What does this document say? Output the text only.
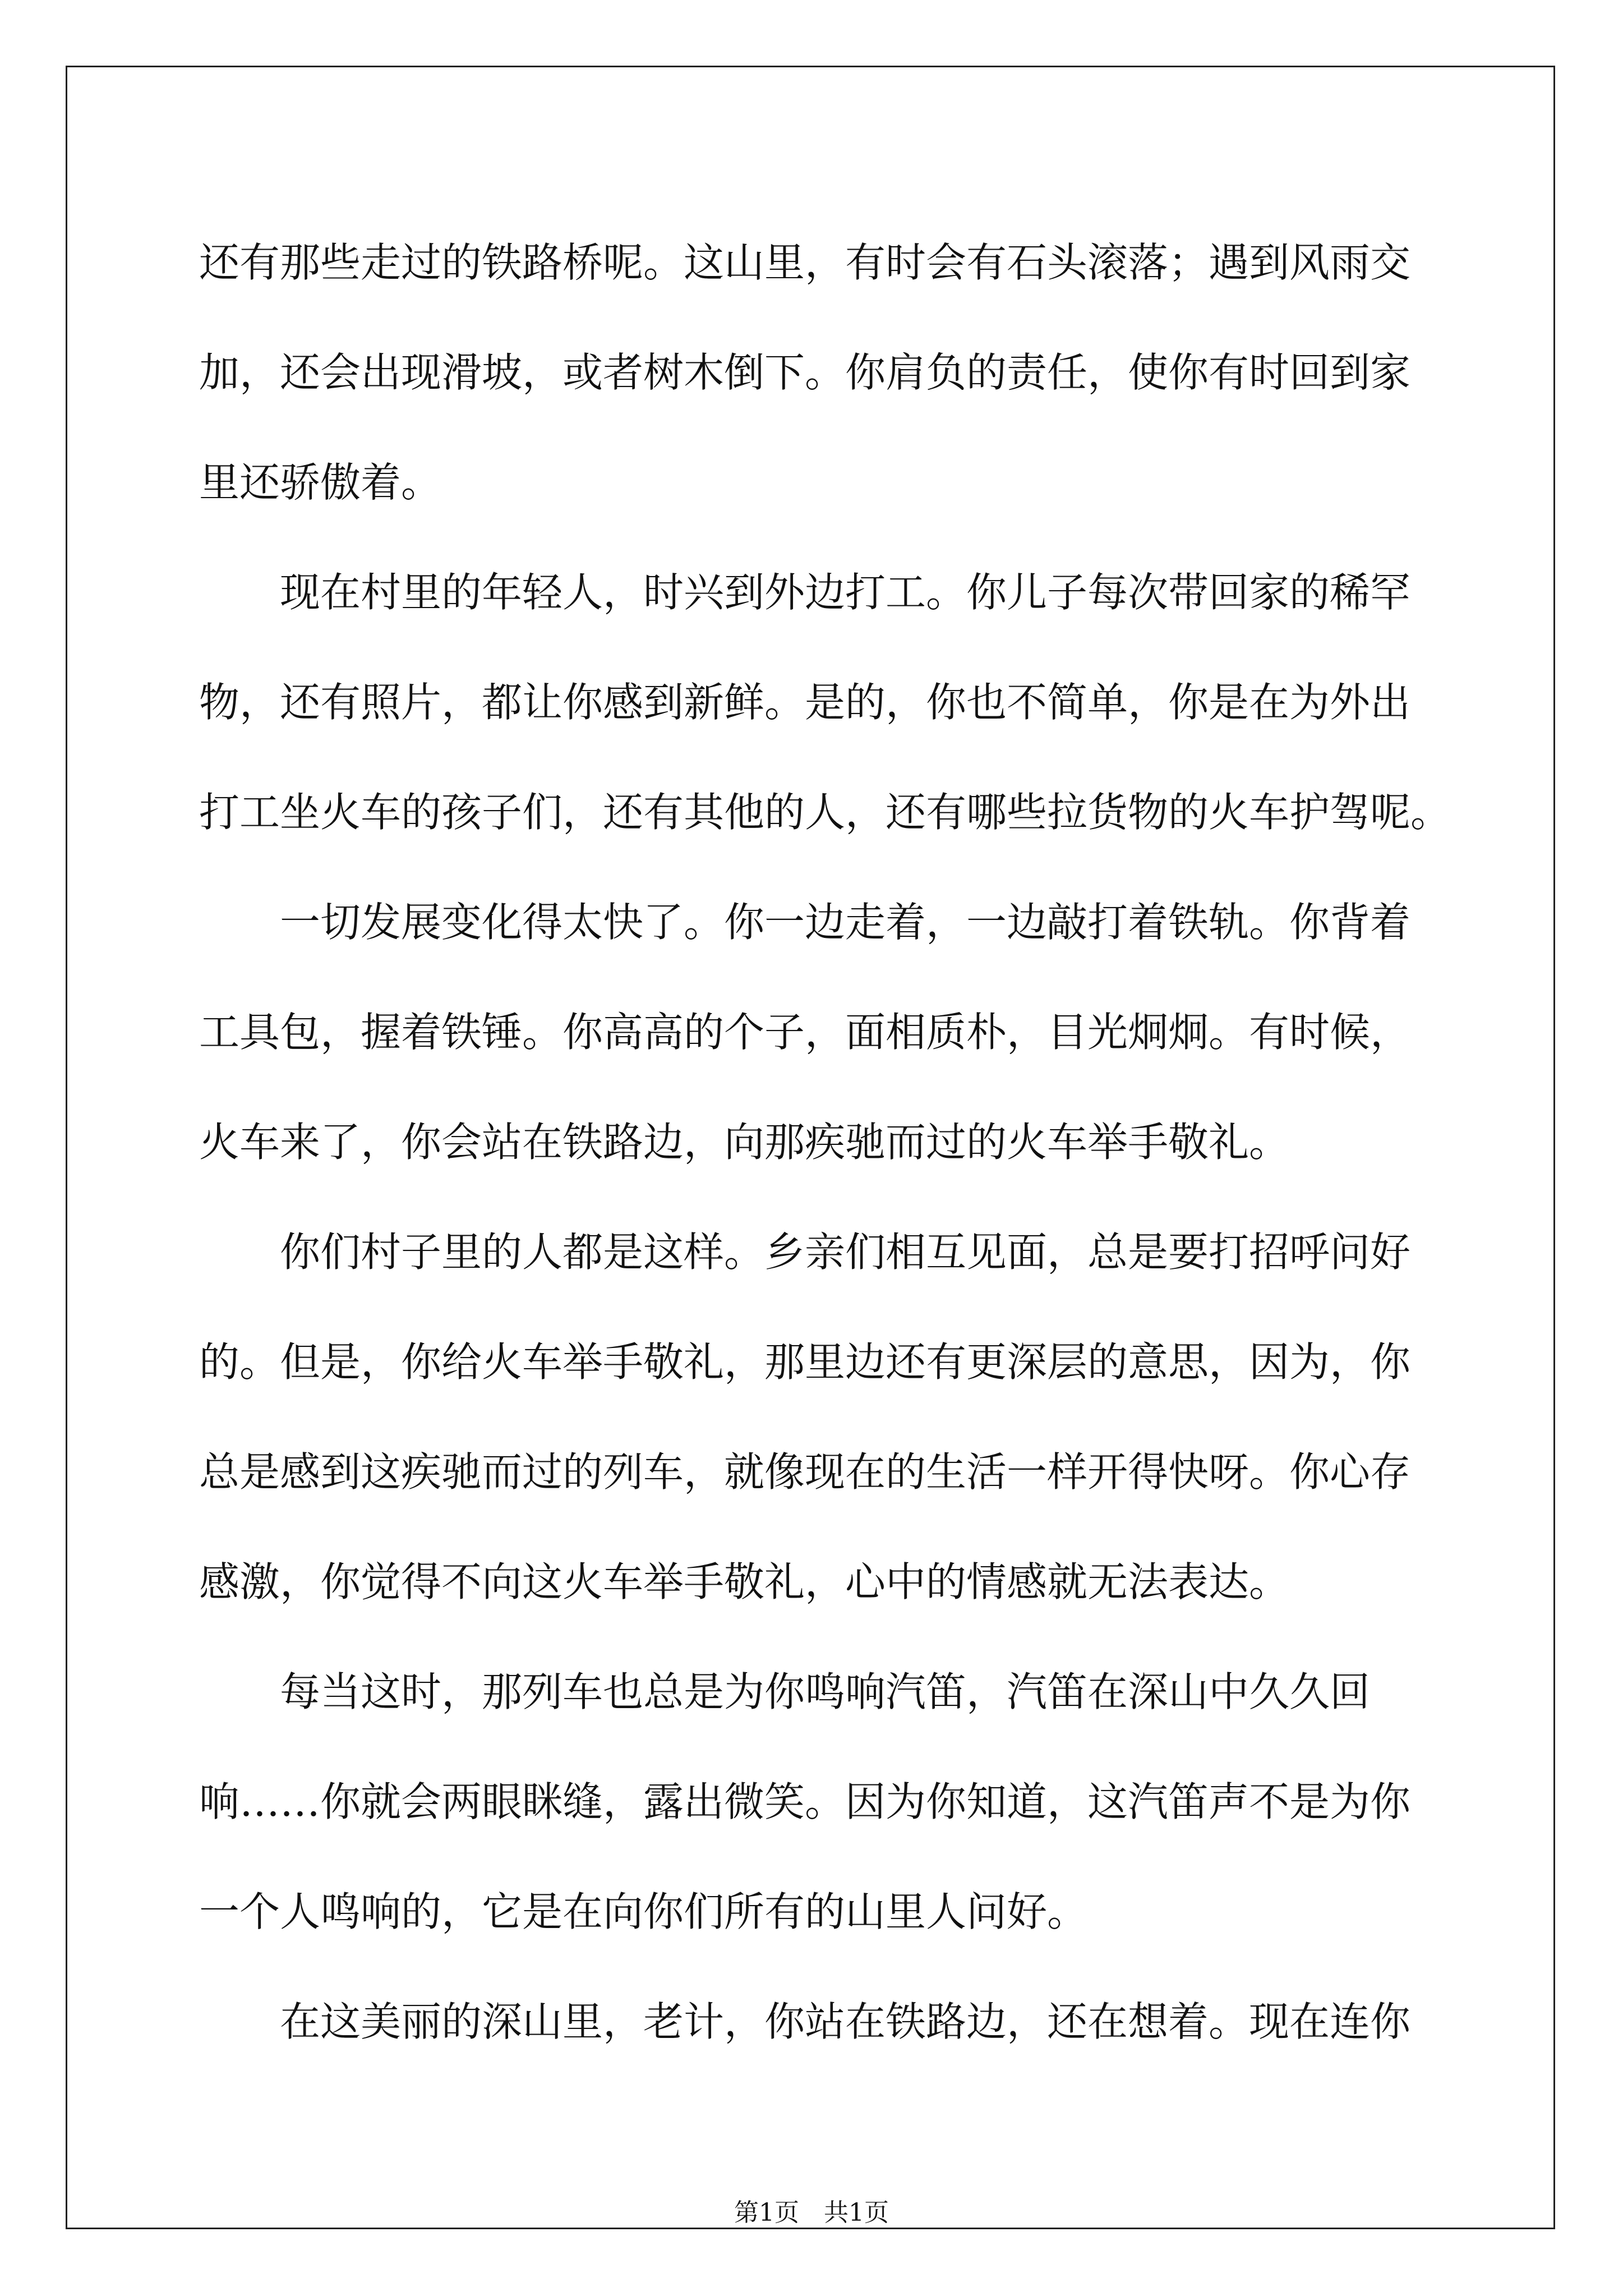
还有那些走过的铁路桥呢。这山里，有时会有石头滚落；遇到风雨交

加，还会出现滑坡，或者树木倒下。你肩负的责任，使你有时回到家

里还骄傲着。

　　现在村里的年轻人，时兴到外边打工。你儿子每次带回家的稀罕

物，还有照片，都让你感到新鲜。是的，你也不简单，你是在为外出

打工坐火车的孩子们，还有其他的人，还有哪些拉货物的火车护驾呢。

　　一切发展变化得太快了。你一边走着，一边敲打着铁轨。你背着

工具包，握着铁锤。你高高的个子，面相质朴，目光炯炯。有时候，

火车来了，你会站在铁路边，向那疾驰而过的火车举手敬礼。

　　你们村子里的人都是这样。乡亲们相互见面，总是要打招呼问好

的。但是，你给火车举手敬礼，那里边还有更深层的意思，因为，你

总是感到这疾驰而过的列车，就像现在的生活一样开得快呀。你心存

感激，你觉得不向这火车举手敬礼，心中的情感就无法表达。

　　每当这时，那列车也总是为你鸣响汽笛，汽笛在深山中久久回

响……你就会两眼眯缝，露出微笑。因为你知道，这汽笛声不是为你

一个人鸣响的，它是在向你们所有的山里人问好。

　　在这美丽的深山里，老计，你站在铁路边，还在想着。现在连你

第1页　共1页
